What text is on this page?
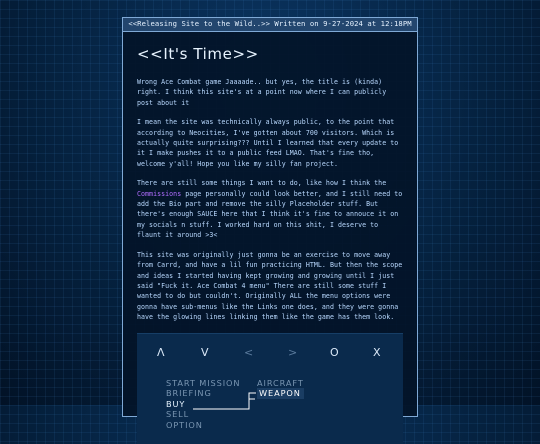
<<Releasing Site to the Wild..>> Written on 9-27-2024 at 12:18PM
<<It's Time>>

Wrong Ace Combat game Jaaaade.. but yes, the title is (kinda) right. I think this site's at a point now where I can publicly post about it

I mean the site was technically always public, to the point that according to Neocities, I've gotten about 700 visitors. Which is actually quite surprising??? Until I learned that every update to it I make pushes it to a public feed LMAO. That's fine tho, welcome y'all! Hope you like my silly fan project.

There are still some things I want to do, like how I think the Commissions page personally could look better, and I still need to add the Bio part and remove the silly Placeholder stuff. But there's enough SAUCE here that I think it's fine to annouce it on my socials n stuff. I worked hard on this shit, I deserve to flaunt it around >3<

This site was originally just gonna be an exercise to move away from Carrd, and have a lil fun practicing HTML. But then the scope and ideas I started having kept growing and growing until I just said "Fuck it. Ace Combat 4 menu" There are still some stuff I wanted to do but couldn't. Originally ALL the menu options were gonna have sub-menus like the Links one does, and they were gonna have the glowing lines linking them like the game has them look.

Λ	V	<	>	O	X
START MISSION
BRIEFING
BUY
SELL
OPTION
AIRCRAFT
WEAPON
